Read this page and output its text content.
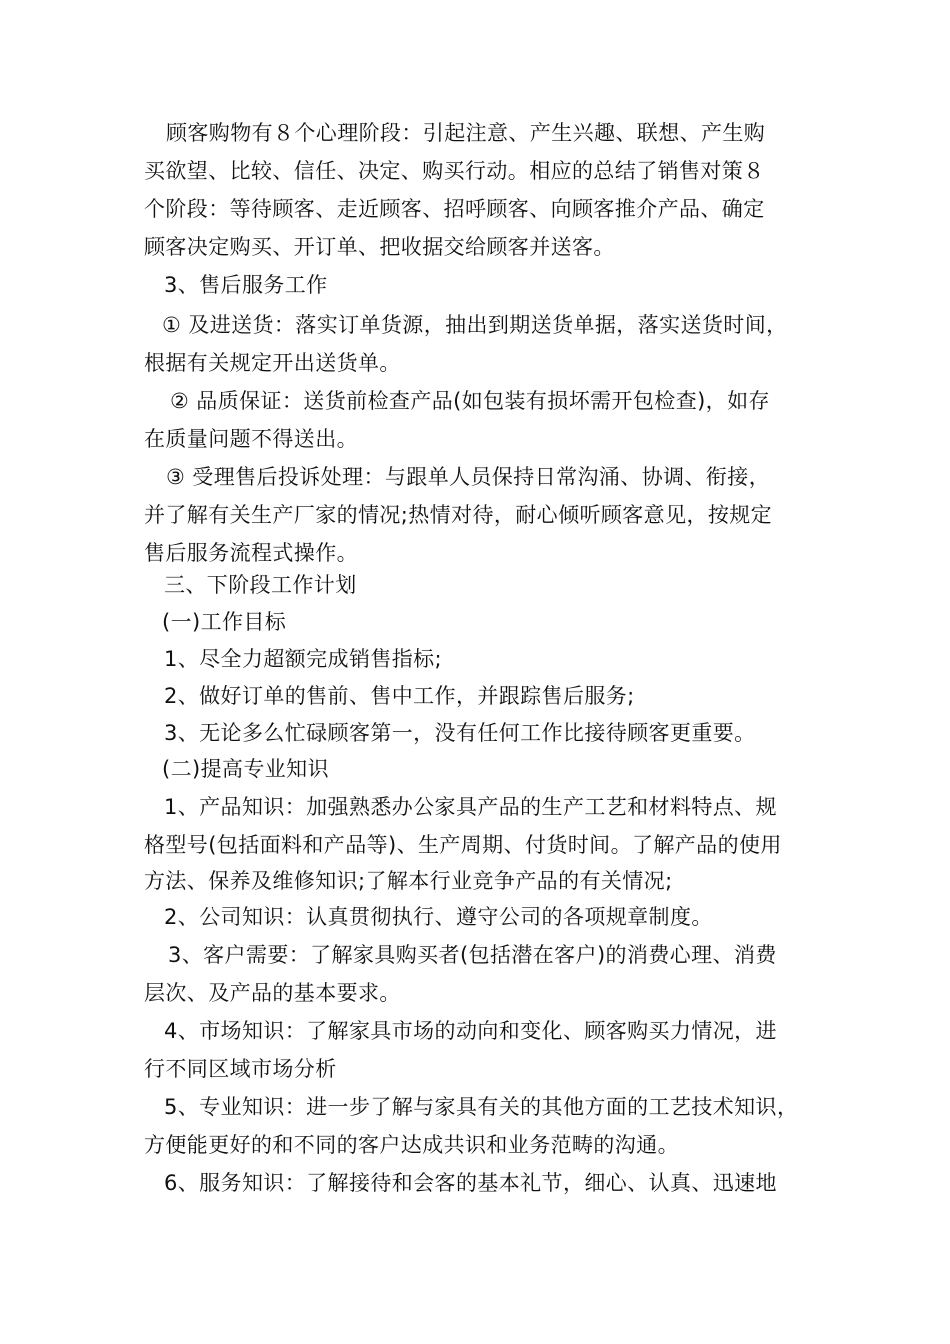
顾客购物有８个心理阶段：引起注意、产生兴趣、联想、产生购
买欲望、比较、信任、决定、购买行动。相应的总结了销售对策８
个阶段：等待顾客、走近顾客、招呼顾客、向顾客推介产品、确定
顾客决定购买、开订单、把收据交给顾客并送客。
3、售后服务工作
① 及进送货：落实订单货源，抽出到期送货单据，落实送货时间，
根据有关规定开出送货单。
② 品质保证：送货前检查产品(如包装有损坏需开包检查)，如存
在质量问题不得送出。
③ 受理售后投诉处理：与跟单人员保持日常沟涌、协调、衔接，
并了解有关生产厂家的情况;热情对待，耐心倾听顾客意见，按规定
售后服务流程式操作。
三、下阶段工作计划
(一)工作目标
1、尽全力超额完成销售指标;
2、做好订单的售前、售中工作，并跟踪售后服务;
3、无论多么忙碌顾客第一，没有任何工作比接待顾客更重要。
(二)提高专业知识
1、产品知识：加强熟悉办公家具产品的生产工艺和材料特点、规
格型号(包括面料和产品等)、生产周期、付货时间。了解产品的使用
方法、保养及维修知识;了解本行业竞争产品的有关情况;
2、公司知识：认真贯彻执行、遵守公司的各项规章制度。
3、客户需要：了解家具购买者(包括潜在客户)的消费心理、消费
层次、及产品的基本要求。
4、市场知识：了解家具市场的动向和变化、顾客购买力情况，进
行不同区域市场分析
5、专业知识：进一步了解与家具有关的其他方面的工艺技术知识，
方便能更好的和不同的客户达成共识和业务范畴的沟通。
6、服务知识：了解接待和会客的基本礼节，细心、认真、迅速地
